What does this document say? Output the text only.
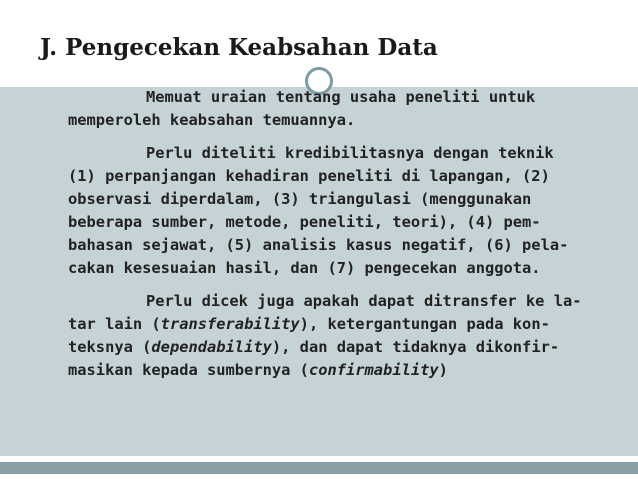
J. Pengecekan Keabsahan Data
Memuat uraian tentang usaha peneliti untuk
memperoleh keabsahan temuannya.
Perlu diteliti kredibilitasnya dengan teknik
(1) perpanjangan kehadiran peneliti di lapangan, (2)
observasi diperdalam, (3) triangulasi (menggunakan
beberapa sumber, metode, peneliti, teori), (4) pem-
bahasan sejawat, (5) analisis kasus negatif, (6) pela-
cakan kesesuaian hasil, dan (7) pengecekan anggota.
Perlu dicek juga apakah dapat ditransfer ke la-
tar lain (transferability), ketergantungan pada kon-
teksnya (dependability), dan dapat tidaknya dikonfir-
masikan kepada sumbernya (confirmability)
